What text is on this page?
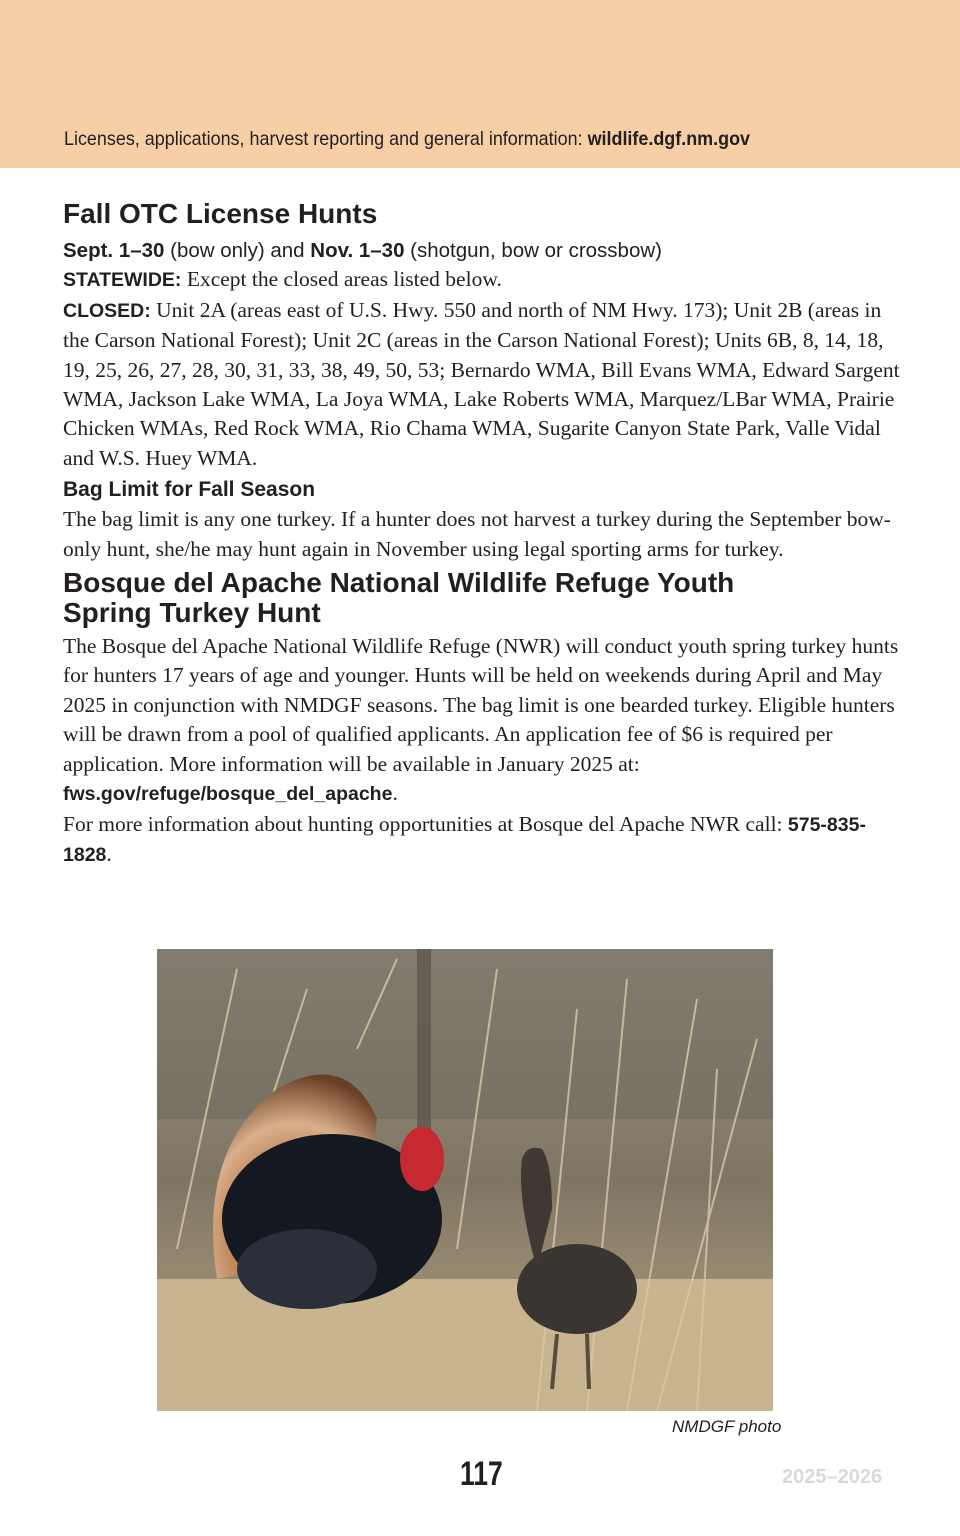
Licenses, applications, harvest reporting and general information: wildlife.dgf.nm.gov
Fall OTC License Hunts

Sept. 1–30 (bow only) and Nov. 1–30 (shotgun, bow or crossbow)

STATEWIDE: Except the closed areas listed below.

CLOSED: Unit 2A (areas east of U.S. Hwy. 550 and north of NM Hwy. 173); Unit 2B (areas in the Carson National Forest); Unit 2C (areas in the Carson National Forest); Units 6B, 8, 14, 18, 19, 25, 26, 27, 28, 30, 31, 33, 38, 49, 50, 53; Bernardo WMA, Bill Evans WMA, Edward Sargent WMA, Jackson Lake WMA, La Joya WMA, Lake Roberts WMA, Marquez/LBar WMA, Prairie Chicken WMAs, Red Rock WMA, Rio Chama WMA, Sugarite Canyon State Park, Valle Vidal and W.S. Huey WMA.

Bag Limit for Fall Season

The bag limit is any one turkey. If a hunter does not harvest a turkey during the September bow-only hunt, she/he may hunt again in November using legal sporting arms for turkey.

Bosque del Apache National Wildlife Refuge Youth
Spring Turkey Hunt

The Bosque del Apache National Wildlife Refuge (NWR) will conduct youth spring turkey hunts for hunters 17 years of age and younger. Hunts will be held on weekends during April and May 2025 in conjunction with NMDGF seasons. The bag limit is one bearded turkey. Eligible hunters will be drawn from a pool of qualified applicants. An application fee of $6 is required per application. More information will be available in January 2025 at: fws.gov/refuge/bosque_del_apache.

For more information about hunting opportunities at Bosque del Apache NWR call: 575-835-1828.

NMDGF photo
117	2025–2026
